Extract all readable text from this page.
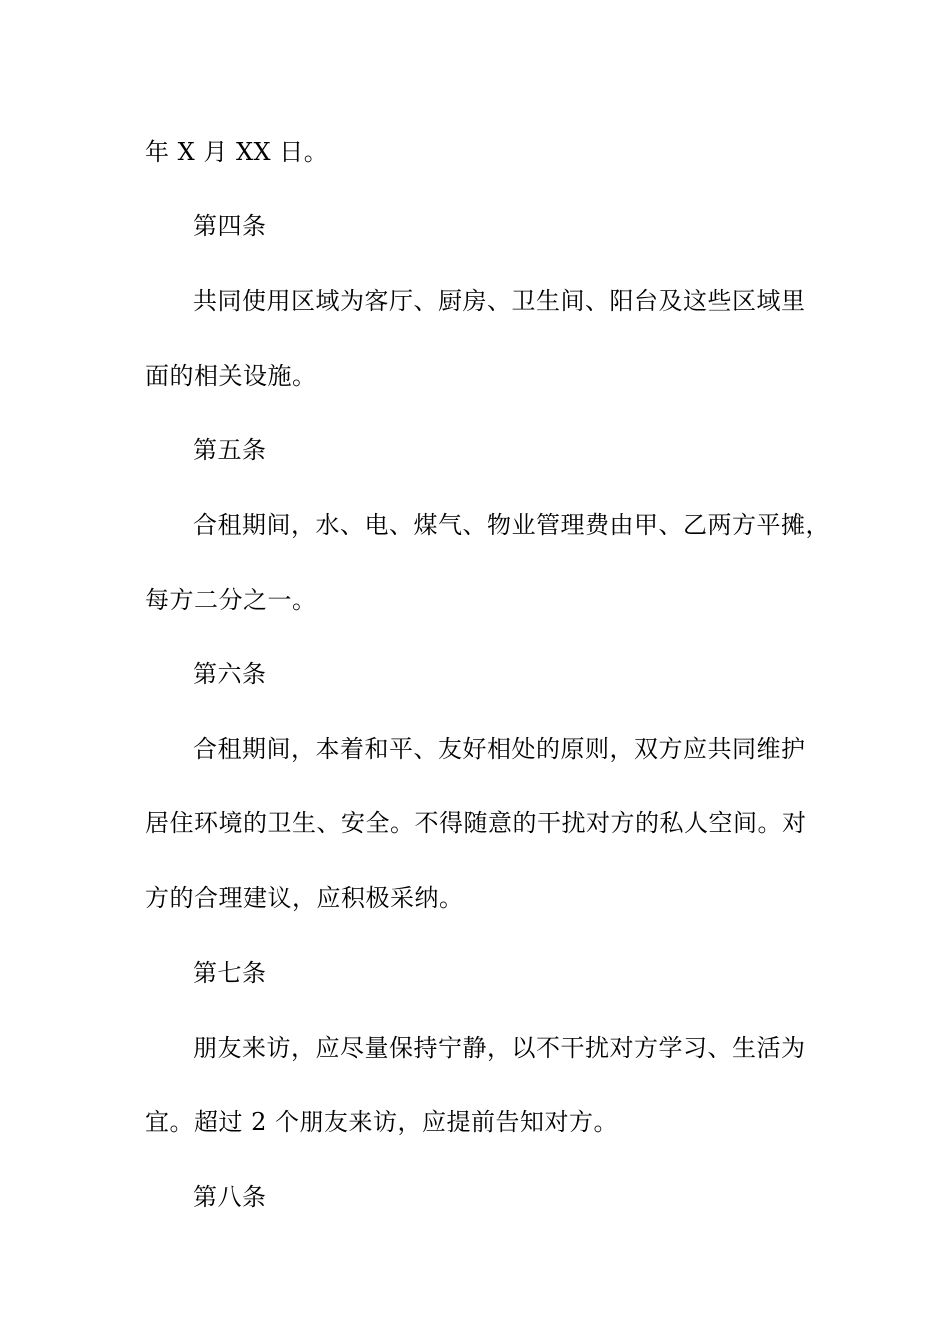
年 X 月 XX 日。
第四条
共同使用区域为客厅、厨房、卫生间、阳台及这些区域里
面的相关设施。
第五条
合租期间，水、电、煤气、物业管理费由甲、乙两方平摊，
每方二分之一。
第六条
合租期间，本着和平、友好相处的原则，双方应共同维护
居住环境的卫生、安全。不得随意的干扰对方的私人空间。对
方的合理建议，应积极采纳。
第七条
朋友来访，应尽量保持宁静，以不干扰对方学习、生活为
宜。超过 2 个朋友来访，应提前告知对方。
第八条
